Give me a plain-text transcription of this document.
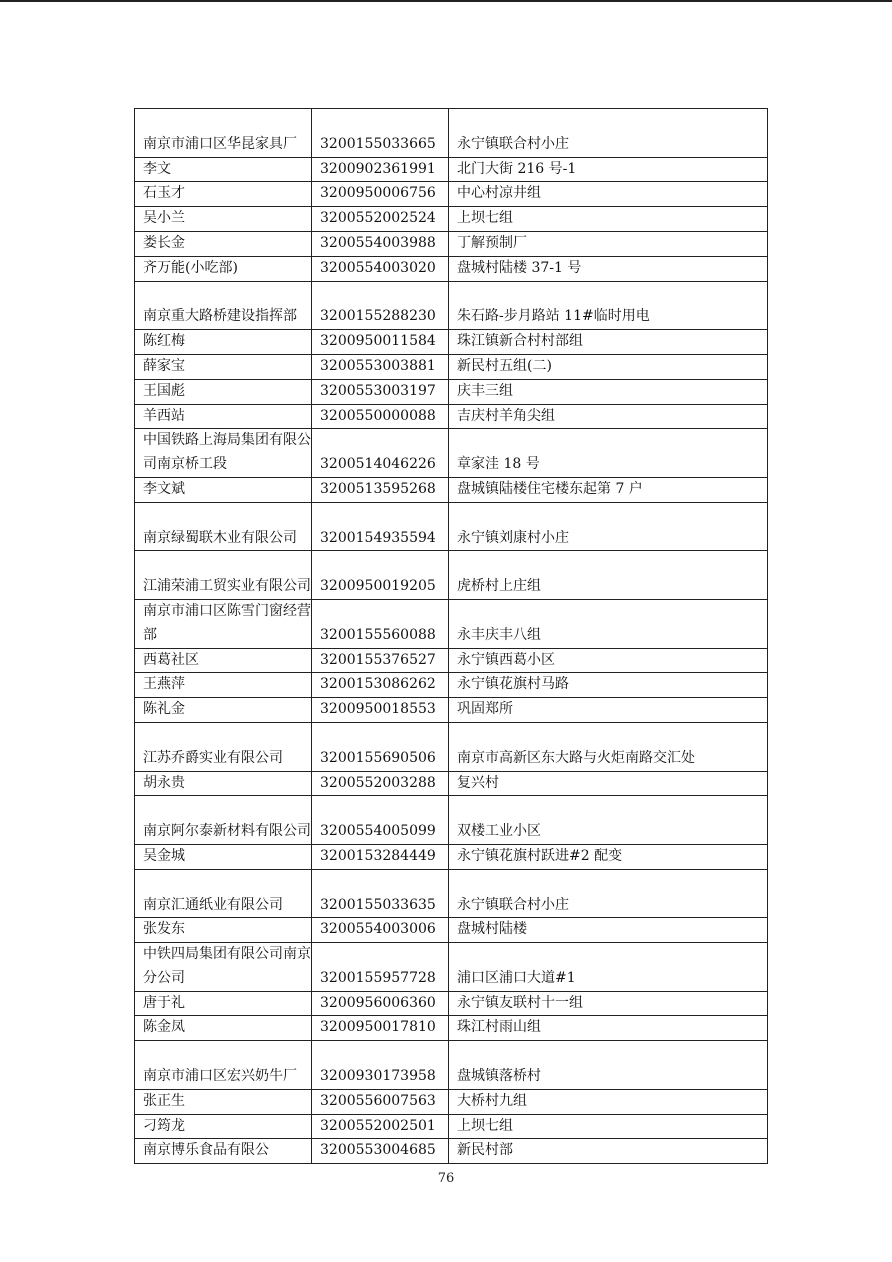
南京市浦口区华昆家具厂	3200155033665	永宁镇联合村小庄
李文	3200902361991	北门大街 216 号-1
石玉才	3200950006756	中心村凉井组
吴小兰	3200552002524	上坝七组
娄长金	3200554003988	丁解预制厂
齐万能(小吃部)	3200554003020	盘城村陆楼 37-1 号
南京重大路桥建设指挥部	3200155288230	朱石路-步月路站 11#临时用电
陈红梅	3200950011584	珠江镇新合村村部组
薛家宝	3200553003881	新民村五组(二)
王国彪	3200553003197	庆丰三组
羊西站	3200550000088	吉庆村羊角尖组
中国铁路上海局集团有限公司南京桥工段	3200514046226	章家洼 18 号
李文斌	3200513595268	盘城镇陆楼住宅楼东起第 7 户
南京绿蜀联木业有限公司	3200154935594	永宁镇刘康村小庄
江浦荣浦工贸实业有限公司	3200950019205	虎桥村上庄组
南京市浦口区陈雪门窗经营部	3200155560088	永丰庆丰八组
西葛社区	3200155376527	永宁镇西葛小区
王燕萍	3200153086262	永宁镇花旗村马路
陈礼金	3200950018553	巩固郑所
江苏乔爵实业有限公司	3200155690506	南京市高新区东大路与火炬南路交汇处
胡永贵	3200552003288	复兴村
南京阿尔泰新材料有限公司	3200554005099	双楼工业小区
吴金城	3200153284449	永宁镇花旗村跃进#2 配变
南京汇通纸业有限公司	3200155033635	永宁镇联合村小庄
张发东	3200554003006	盘城村陆楼
中铁四局集团有限公司南京分公司	3200155957728	浦口区浦口大道#1
唐于礼	3200956006360	永宁镇友联村十一组
陈金凤	3200950017810	珠江村雨山组
南京市浦口区宏兴奶牛厂	3200930173958	盘城镇落桥村
张正生	3200556007563	大桥村九组
刁筠龙	3200552002501	上坝七组
南京博乐食品有限公	3200553004685	新民村部
76
